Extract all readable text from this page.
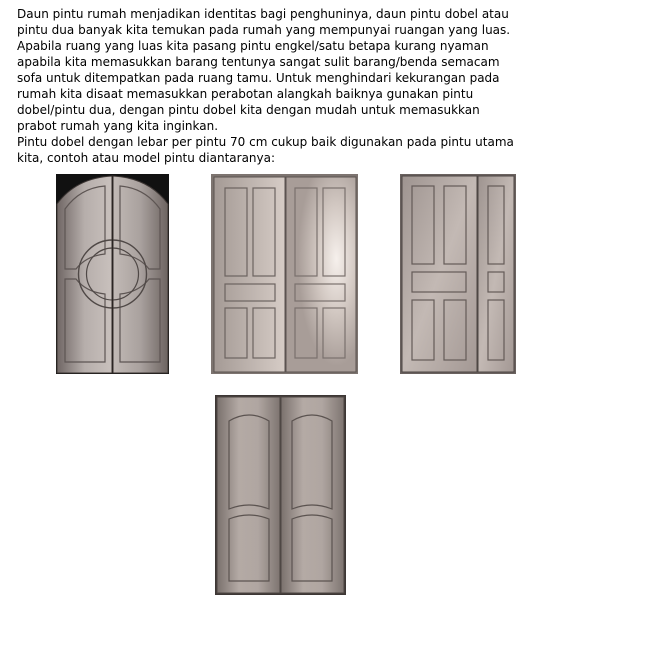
Daun pintu rumah menjadikan identitas bagi penghuninya, daun pintu dobel atau
pintu dua banyak kita temukan pada rumah yang mempunyai ruangan yang luas.
Apabila ruang yang luas kita pasang pintu engkel/satu betapa kurang nyaman
apabila kita memasukkan barang tentunya sangat sulit barang/benda semacam
sofa untuk ditempatkan pada ruang tamu. Untuk menghindari kekurangan pada
rumah kita disaat memasukkan perabotan alangkah baiknya gunakan pintu
dobel/pintu dua, dengan pintu dobel kita dengan mudah untuk memasukkan
prabot rumah yang kita inginkan.
Pintu dobel dengan lebar per pintu 70 cm cukup baik digunakan pada pintu utama
kita, contoh atau model pintu diantaranya:
